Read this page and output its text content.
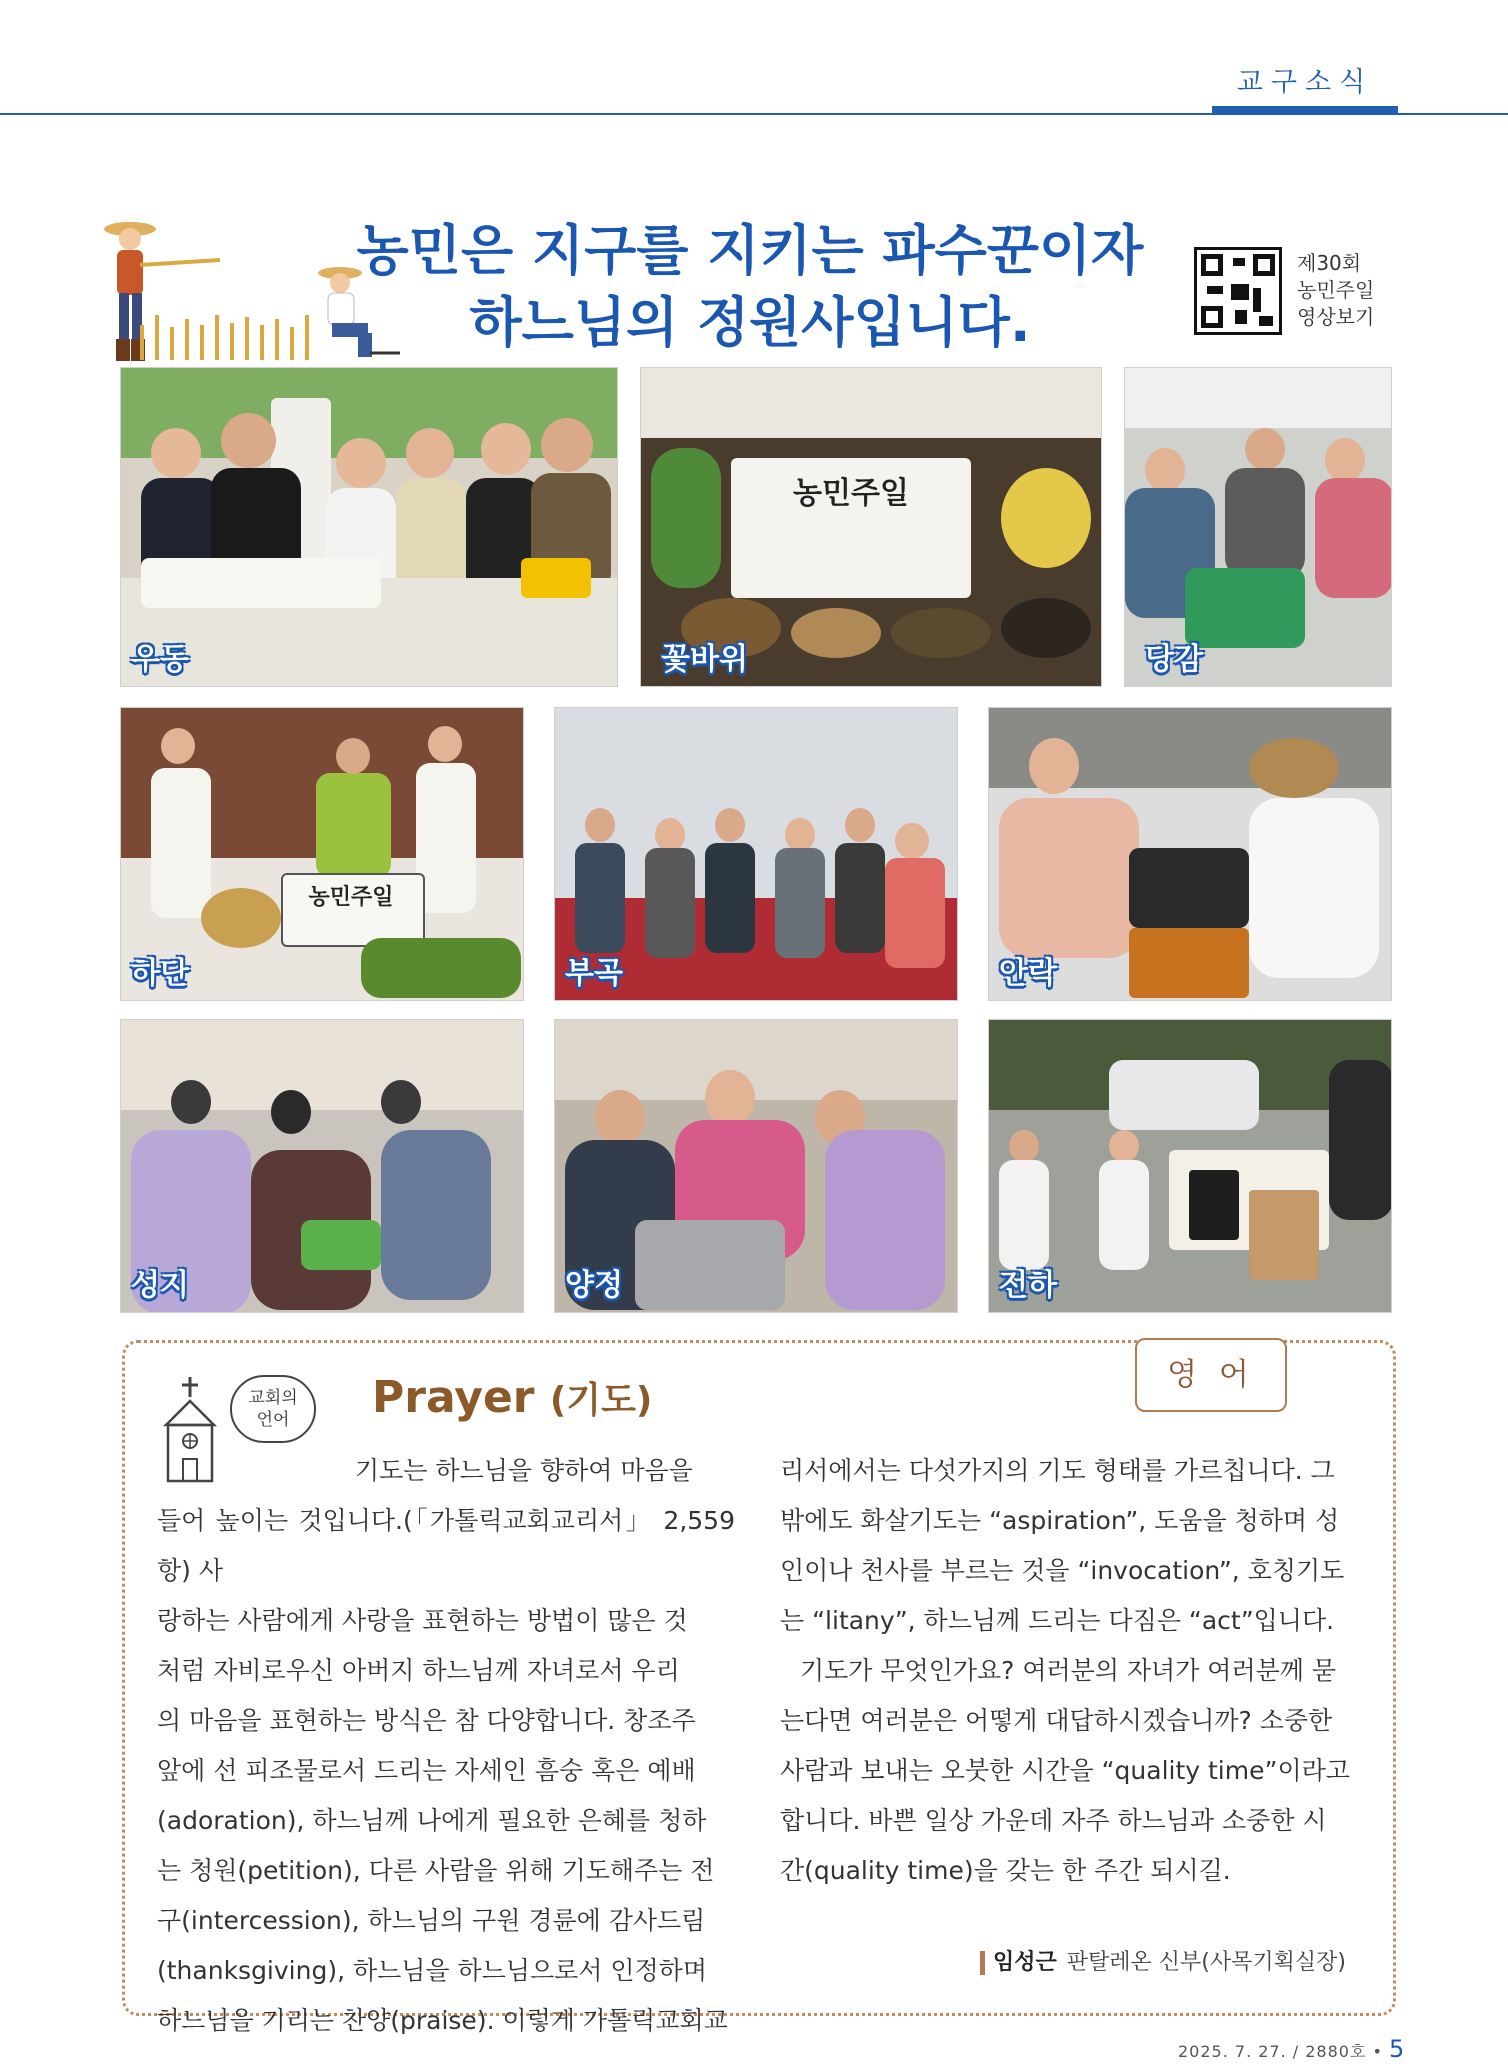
교구소식
농민은 지구를 지키는 파수꾼이자
하느님의 정원사입니다.
제30회
농민주일
영상보기
우동
농민주일
꽃바위	당감
농민주일
하단	부곡	안락
성지	양정	전하
영 어
교회의
언어	Prayer (기도)

기도는 하느님을 향하여 마음을

들어 높이는 것입니다.(「가톨릭교회교리서」 2,559항) 사

랑하는 사람에게 사랑을 표현하는 방법이 많은 것

처럼 자비로우신 아버지 하느님께 자녀로서 우리

의 마음을 표현하는 방식은 참 다양합니다. 창조주

앞에 선 피조물로서 드리는 자세인 흠숭 혹은 예배

(adoration), 하느님께 나에게 필요한 은혜를 청하

는 청원(petition), 다른 사람을 위해 기도해주는 전

구(intercession), 하느님의 구원 경륜에 감사드림

(thanksgiving), 하느님을 하느님으로서 인정하며

하느님을 기리는 찬양(praise). 이렇게 가톨릭교회교

리서에서는 다섯가지의 기도 형태를 가르칩니다. 그

밖에도 화살기도는 “aspiration”, 도움을 청하며 성

인이나 천사를 부르는 것을 “invocation”, 호칭기도

는 “litany”, 하느님께 드리는 다짐은 “act”입니다.

기도가 무엇인가요? 여러분의 자녀가 여러분께 묻

는다면 여러분은 어떻게 대답하시겠습니까? 소중한

사람과 보내는 오붓한 시간을 “quality time”이라고

합니다. 바쁜 일상 가운데 자주 하느님과 소중한 시

간(quality time)을 갖는 한 주간 되시길.

임성근 판탈레온 신부(사목기획실장)
2025. 7. 27. / 2880호 • 5
